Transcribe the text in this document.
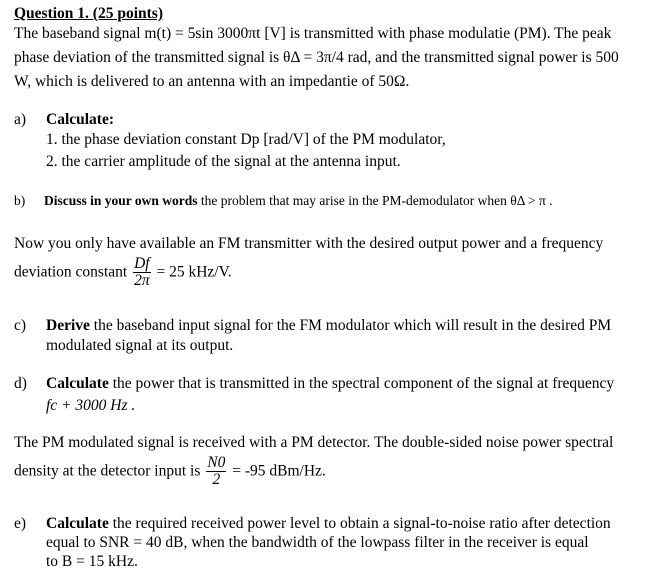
Question 1. (25 points)
The baseband signal m(t) = 5sin 3000πt [V] is transmitted with phase modulatie (PM). The peak
phase deviation of the transmitted signal is θΔ = 3π/4 rad, and the transmitted signal power is 500
W, which is delivered to an antenna with an impedantie of 50Ω.
a) Calculate:
1. the phase deviation constant Dp [rad/V] of the PM modulator,
2. the carrier amplitude of the signal at the antenna input.
b) Discuss in your own words the problem that may arise in the PM-demodulator when θΔ > π .
Now you only have available an FM transmitter with the desired output power and a frequency
deviation constant $\frac{Df}{2\pi} = 25$ kHz/V.
c) Derive the baseband input signal for the FM modulator which will result in the desired PM
modulated signal at its output.
d) Calculate the power that is transmitted in the spectral component of the signal at frequency
fc + 3000 Hz .
The PM modulated signal is received with a PM detector. The double-sided noise power spectral
density at the detector input is $\frac{N0}{2} = -95$ dBm/Hz.
e) Calculate the required received power level to obtain a signal-to-noise ratio after detection
equal to SNR = 40 dB, when the bandwidth of the lowpass filter in the receiver is equal
to B = 15 kHz.
